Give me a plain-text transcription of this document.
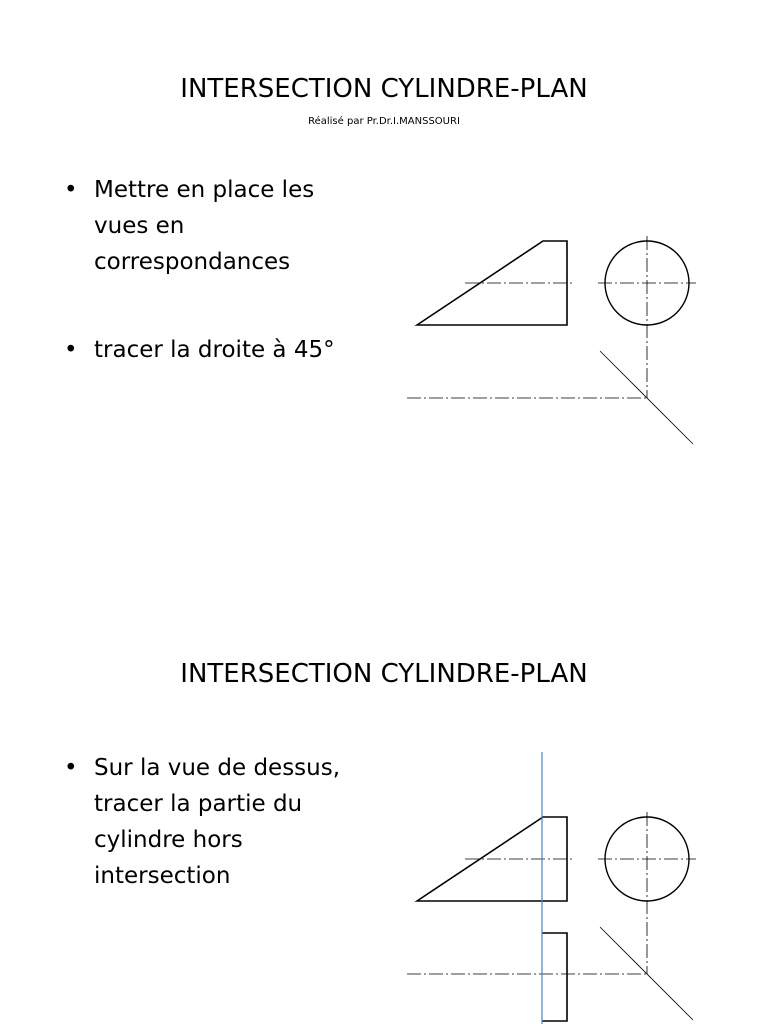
INTERSECTION CYLINDRE-PLAN

Réalisé par Pr.Dr.I.MANSSOURI

• Mettre en place les vues en correspondances
• tracer la droite à 45°
INTERSECTION CYLINDRE-PLAN
• Sur la vue de dessus, tracer la partie du cylindre hors intersection
